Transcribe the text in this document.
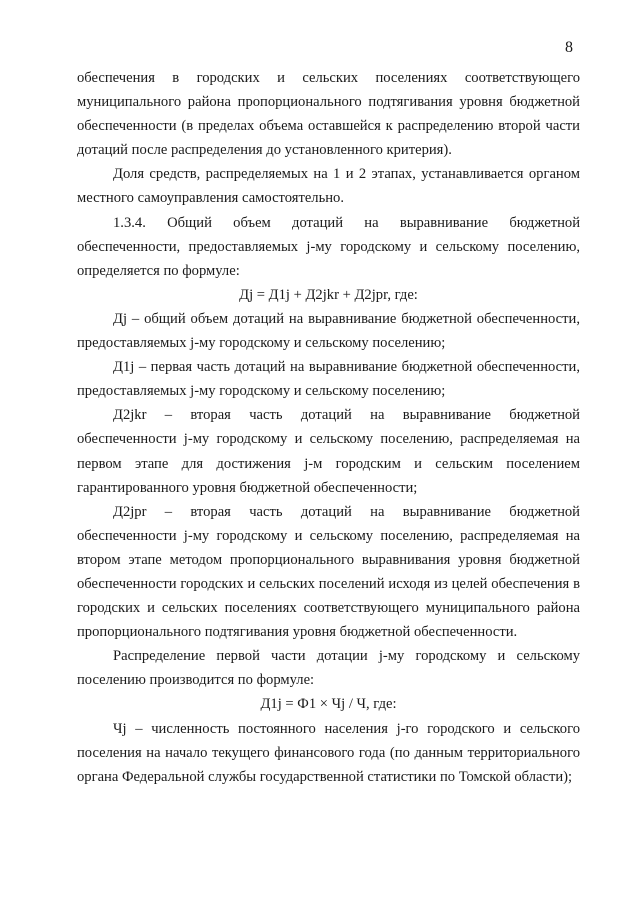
8

обеспечения в городских и сельских поселениях соответствующего муниципального района пропорционального подтягивания уровня бюджетной обеспеченности (в пределах объема оставшейся к распределению второй части дотаций после распределения до установленного критерия).

Доля средств, распределяемых на 1 и 2 этапах, устанавливается органом местного самоуправления самостоятельно.

1.3.4. Общий объем дотаций на выравнивание бюджетной обеспеченности, предоставляемых j-му городскому и сельскому поселению, определяется по формуле:

Дj = Д1j + Д2jkr + Д2jpr, где:

Дj – общий объем дотаций на выравнивание бюджетной обеспеченности, предоставляемых j-му городскому и сельскому поселению;

Д1j – первая часть дотаций на выравнивание бюджетной обеспеченности, предоставляемых j-му городскому и сельскому поселению;

Д2jkr – вторая часть дотаций на выравнивание бюджетной обеспеченности j-му городскому и сельскому поселению, распределяемая на первом этапе для достижения j-м городским и сельским поселением гарантированного уровня бюджетной обеспеченности;

Д2jpr – вторая часть дотаций на выравнивание бюджетной обеспеченности j-му городскому и сельскому поселению, распределяемая на втором этапе методом пропорционального выравнивания уровня бюджетной обеспеченности городских и сельских поселений исходя из целей обеспечения в городских и сельских поселениях соответствующего муниципального района пропорционального подтягивания уровня бюджетной обеспеченности.

Распределение первой части дотации j-му городскому и сельскому поселению производится по формуле:

Д1j = Ф1 × Чj / Ч, где:

Чj – численность постоянного населения j-го городского и сельского поселения на начало текущего финансового года (по данным территориального органа Федеральной службы государственной статистики по Томской области);
